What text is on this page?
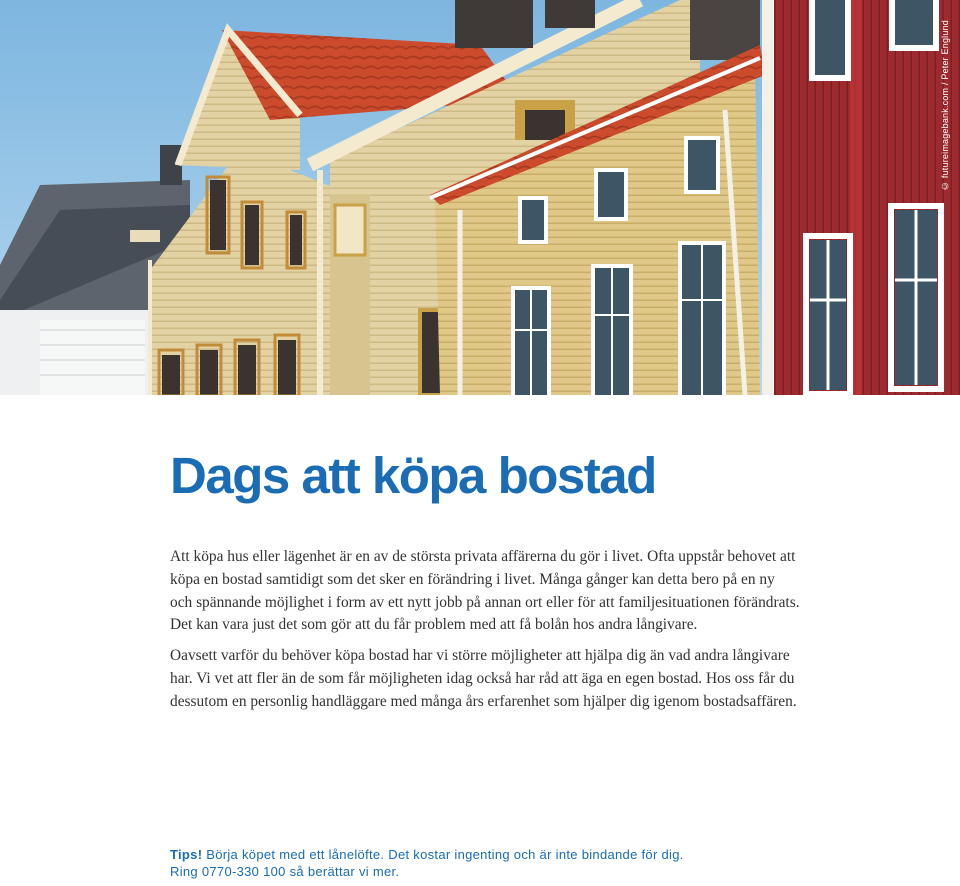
© futureimagebank.com / Peter Englund
Dags att köpa bostad

Att köpa hus eller lägenhet är en av de största privata affärerna du gör i livet. Ofta uppstår behovet att köpa en bostad samtidigt som det sker en förändring i livet. Många gånger kan detta bero på en ny och spännande möjlighet i form av ett nytt jobb på annan ort eller för att familjesituationen förändrats. Det kan vara just det som gör att du får problem med att få bolån hos andra långivare.

Oavsett varför du behöver köpa bostad har vi större möjligheter att hjälpa dig än vad andra långivare har. Vi vet att fler än de som får möjligheten idag också har råd att äga en egen bostad. Hos oss får du dessutom en personlig handläggare med många års erfarenhet som hjälper dig igenom bostadsaffären.

Tips! Börja köpet med ett lånelöfte. Det kostar ingenting och är inte bindande för dig.
Ring 0770-330 100 så berättar vi mer.
